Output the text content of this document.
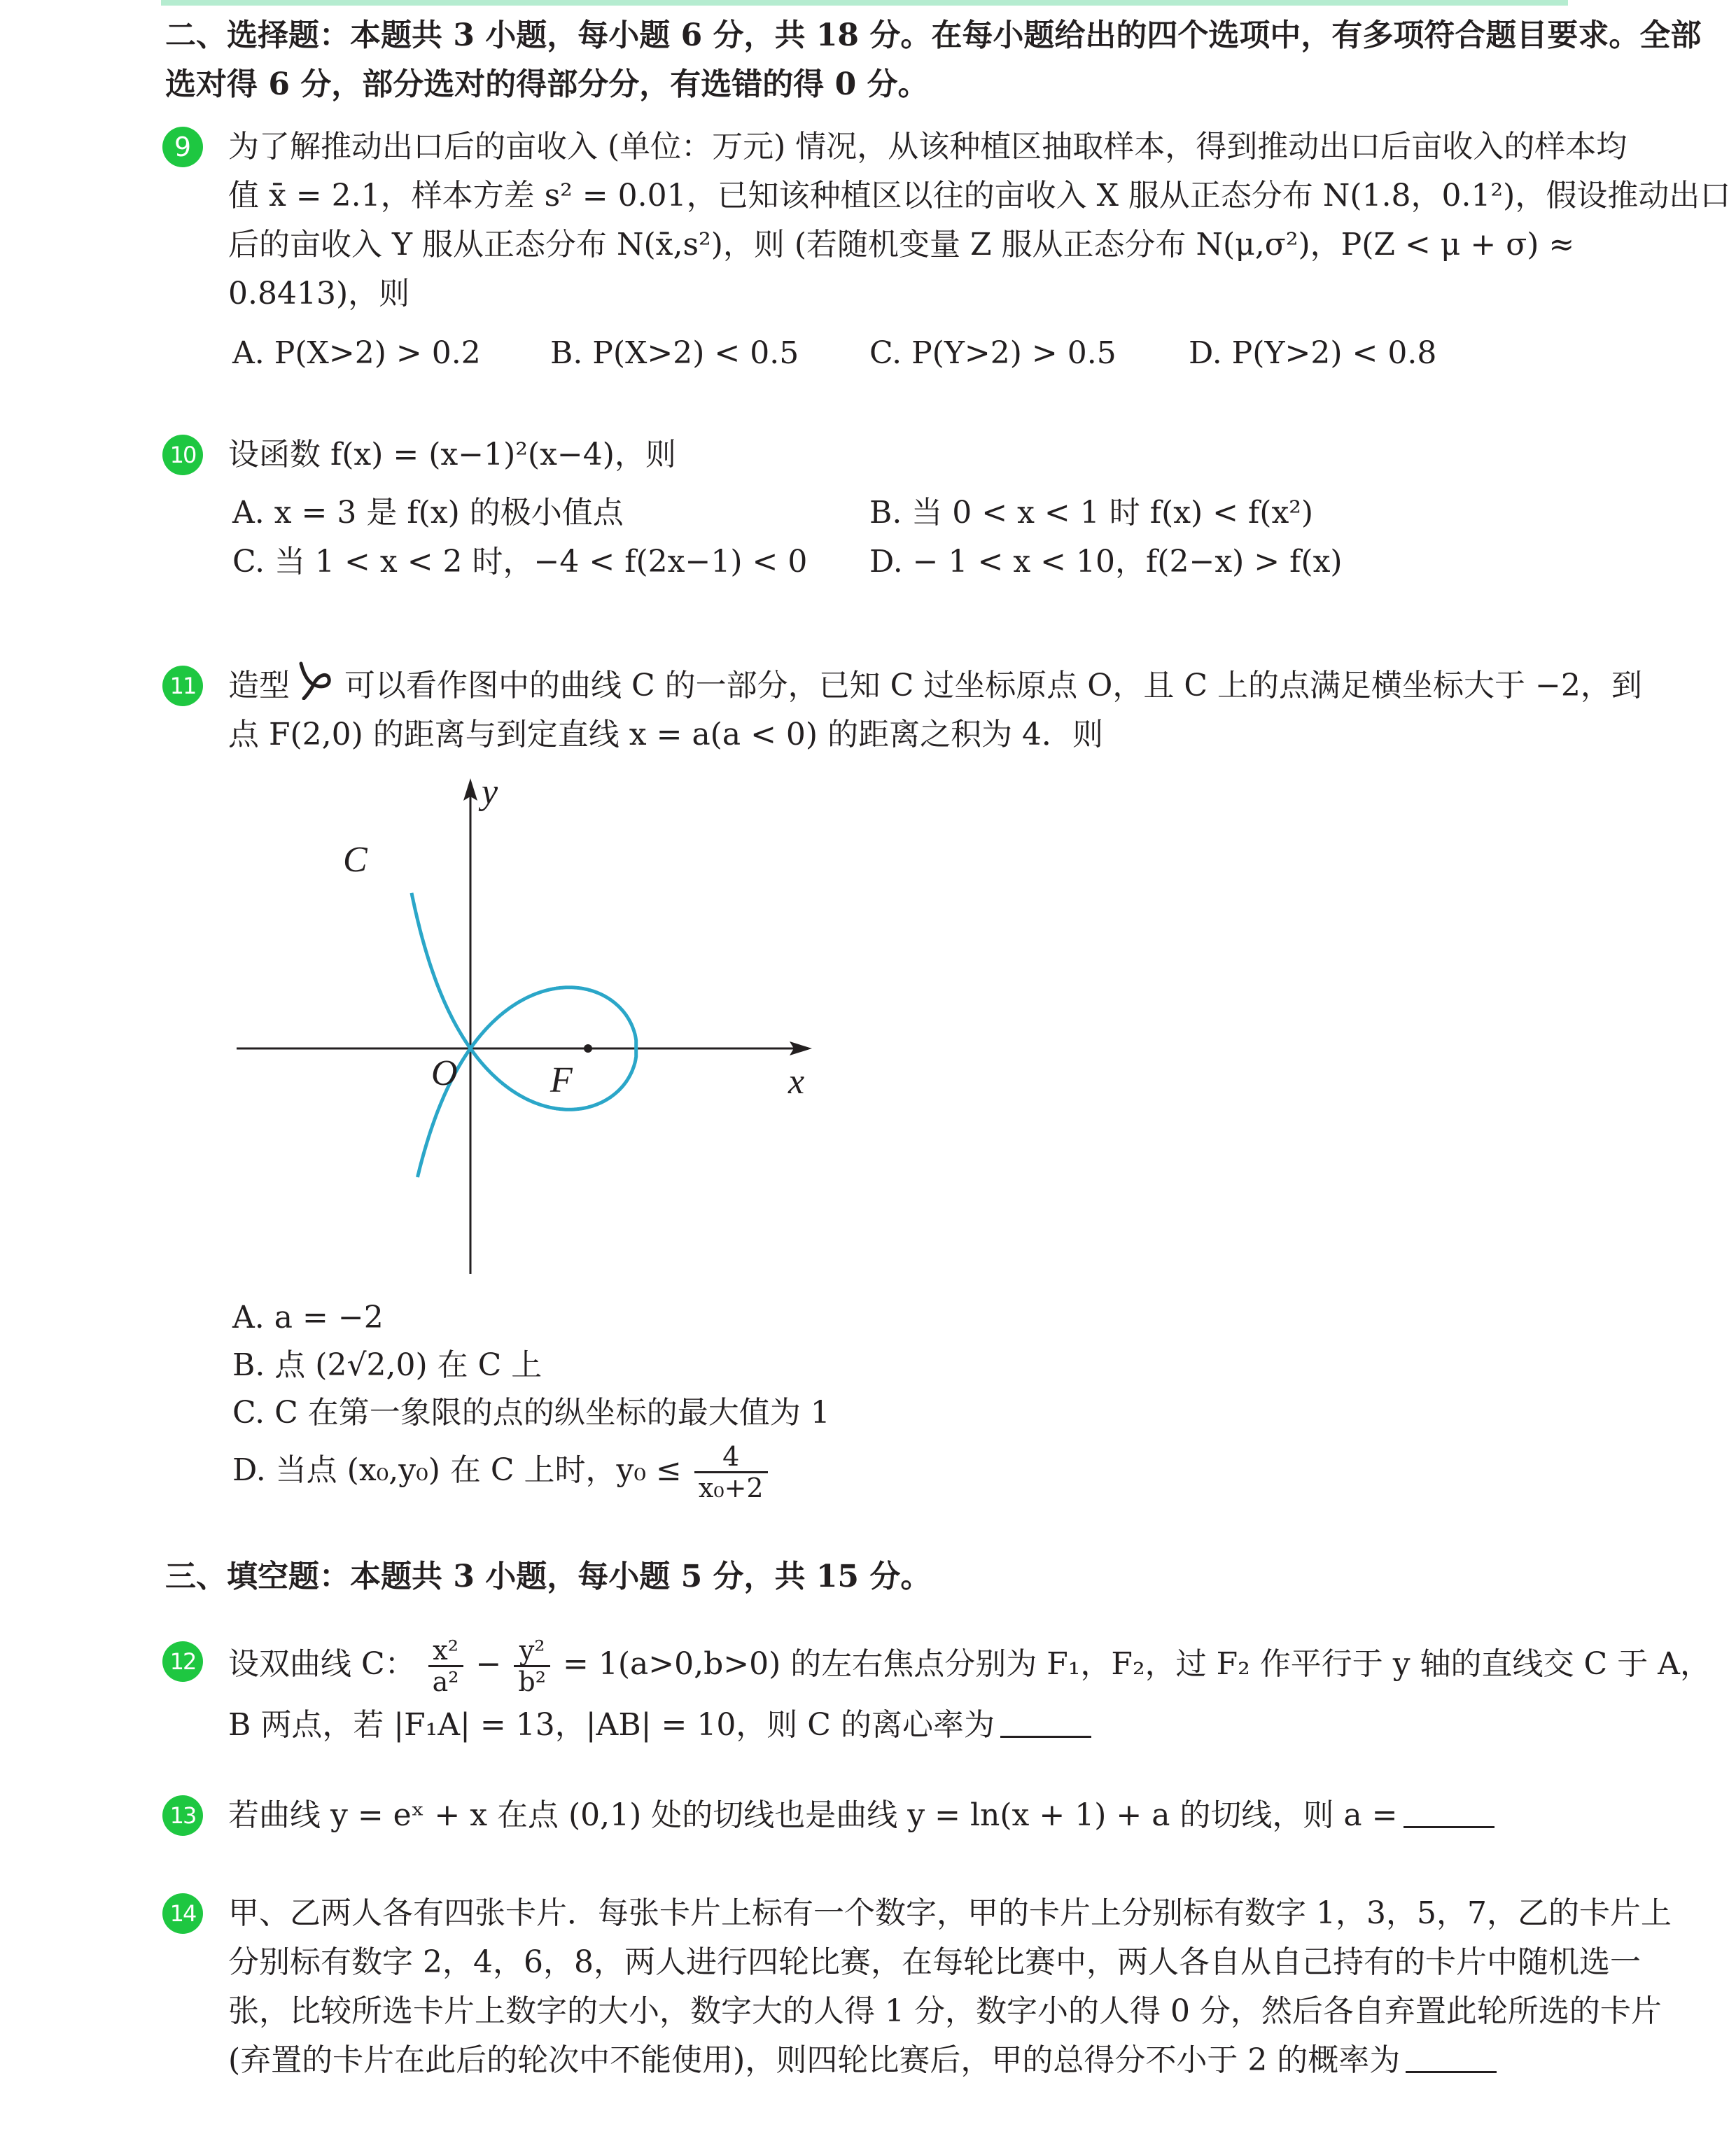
二、选择题：本题共 3 小题，每小题 6 分，共 18 分。在每小题给出的四个选项中，有多项符合题目要求。全部
选对得 6 分，部分选对的得部分分，有选错的得 0 分。
9	为了解推动出口后的亩收入 (单位：万元) 情况，从该种植区抽取样本，得到推动出口后亩收入的样本均
值 x̄ = 2.1，样本方差 s² = 0.01，已知该种植区以往的亩收入 X 服从正态分布 N(1.8，0.1²)，假设推动出口
后的亩收入 Y 服从正态分布 N(x̄,s²)，则 (若随机变量 Z 服从正态分布 N(μ,σ²)，P(Z < μ + σ) ≈
0.8413)，则
A. P(X>2) > 0.2 B. P(X>2) < 0.5 C. P(Y>2) > 0.5 D. P(Y>2) < 0.8
10 设函数 f(x) = (x−1)²(x−4)，则
A. x = 3 是 f(x) 的极小值点	B. 当 0 < x < 1 时 f(x) < f(x²)
C. 当 1 < x < 2 时，−4 < f(2x−1) < 0 D. − 1 < x < 10，f(2−x) > f(x)
11 造型 可以看作图中的曲线 C 的一部分，已知 C 过坐标原点 O，且 C 上的点满足横坐标大于 −2，到
点 F(2,0) 的距离与到定直线 x = a(a < 0) 的距离之积为 4．则
C
O	F	x
y
A. a = −2
B. 点 (2√2,0) 在 C 上
C. C 在第一象限的点的纵坐标的最大值为 1
D. 当点 (x₀,y₀) 在 C 上时，$y_0 \le \frac{4}{\text{x₀+2}}$
三、填空题：本题共 3 小题，每小题 5 分，共 15 分。
12 设双曲线 C： $\frac{\text{x²}}{\text{a²}} - \frac{\text{y²}}{\text{b²}} = 1(a>0,b>0)$ 的左右焦点分别为 F₁，F₂，过 F₂ 作平行于 y 轴的直线交 C 于 A，
B 两点，若 |F₁A| = 13，|AB| = 10，则 C 的离心率为
13 若曲线 y = eˣ + x 在点 (0,1) 处的切线也是曲线 y = ln(x + 1) + a 的切线，则 a =
14 甲、乙两人各有四张卡片．每张卡片上标有一个数字，甲的卡片上分别标有数字 1，3，5，7，乙的卡片上
分别标有数字 2，4，6，8，两人进行四轮比赛，在每轮比赛中，两人各自从自己持有的卡片中随机选一
张，比较所选卡片上数字的大小，数字大的人得 1 分，数字小的人得 0 分，然后各自弃置此轮所选的卡片
(弃置的卡片在此后的轮次中不能使用)，则四轮比赛后，甲的总得分不小于 2 的概率为
